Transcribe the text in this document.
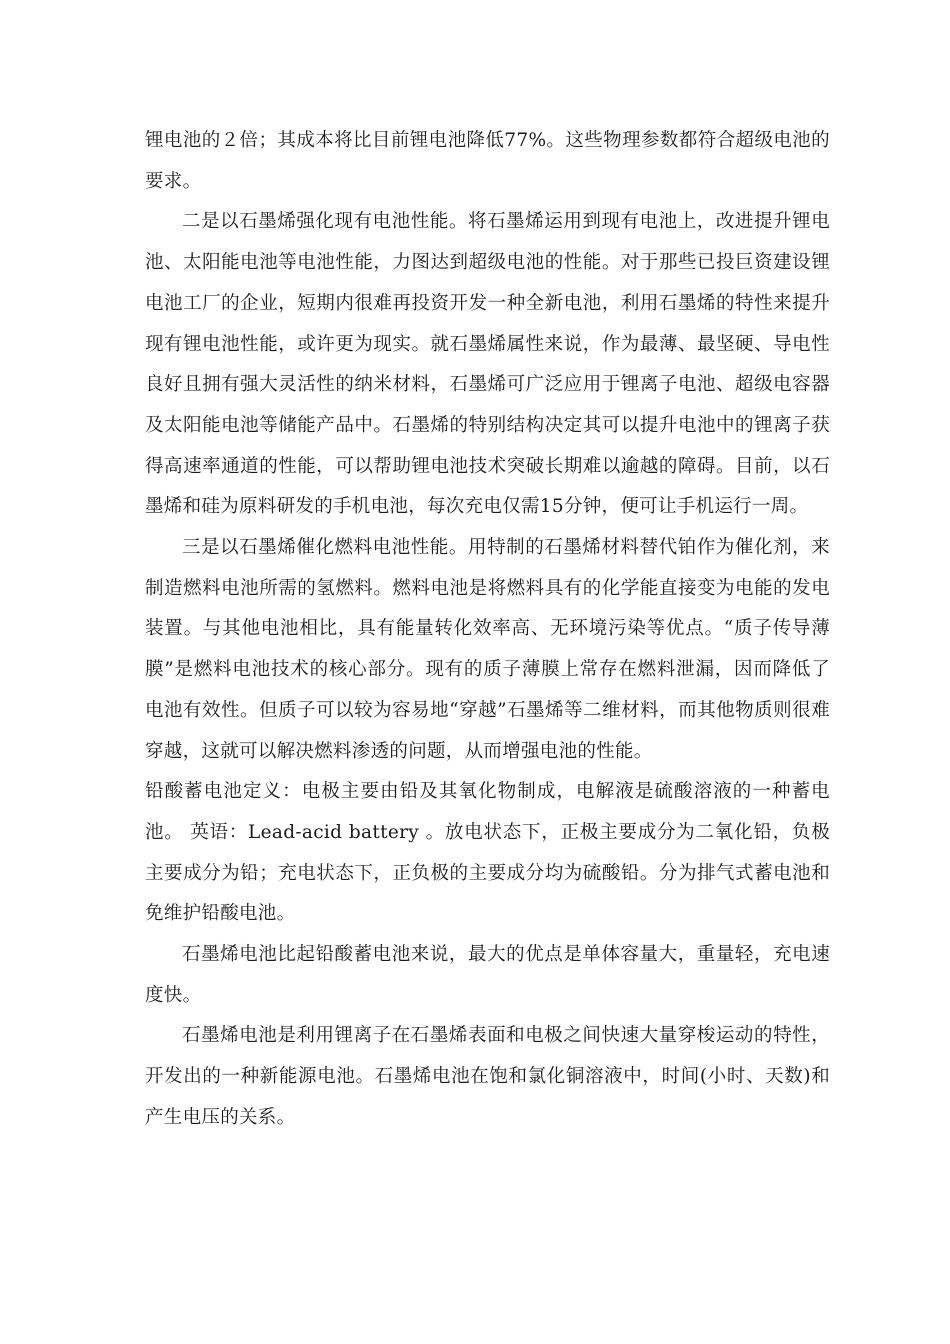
锂电池的２倍；其成本将比目前锂电池降低77%。这些物理参数都符合超级电池的要求。

二是以石墨烯强化现有电池性能。将石墨烯运用到现有电池上，改进提升锂电池、太阳能电池等电池性能，力图达到超级电池的性能。对于那些已投巨资建设锂电池工厂的企业，短期内很难再投资开发一种全新电池，利用石墨烯的特性来提升现有锂电池性能，或许更为现实。就石墨烯属性来说，作为最薄、最坚硬、导电性良好且拥有强大灵活性的纳米材料，石墨烯可广泛应用于锂离子电池、超级电容器及太阳能电池等储能产品中。石墨烯的特别结构决定其可以提升电池中的锂离子获得高速率通道的性能，可以帮助锂电池技术突破长期难以逾越的障碍。目前，以石墨烯和硅为原料研发的手机电池，每次充电仅需15分钟，便可让手机运行一周。

三是以石墨烯催化燃料电池性能。用特制的石墨烯材料替代铂作为催化剂，来制造燃料电池所需的氢燃料。燃料电池是将燃料具有的化学能直接变为电能的发电装置。与其他电池相比，具有能量转化效率高、无环境污染等优点。“质子传导薄膜”是燃料电池技术的核心部分。现有的质子薄膜上常存在燃料泄漏，因而降低了电池有效性。但质子可以较为容易地“穿越”石墨烯等二维材料，而其他物质则很难穿越，这就可以解决燃料渗透的问题，从而增强电池的性能。

铅酸蓄电池定义：电极主要由铅及其氧化物制成，电解液是硫酸溶液的一种蓄电池。 英语：Lead-acid battery 。放电状态下，正极主要成分为二氧化铅，负极主要成分为铅；充电状态下，正负极的主要成分均为硫酸铅。分为排气式蓄电池和免维护铅酸电池。

石墨烯电池比起铅酸蓄电池来说，最大的优点是单体容量大，重量轻，充电速度快。

石墨烯电池是利用锂离子在石墨烯表面和电极之间快速大量穿梭运动的特性，开发出的一种新能源电池。石墨烯电池在饱和氯化铜溶液中，时间(小时、天数)和产生电压的关系。
